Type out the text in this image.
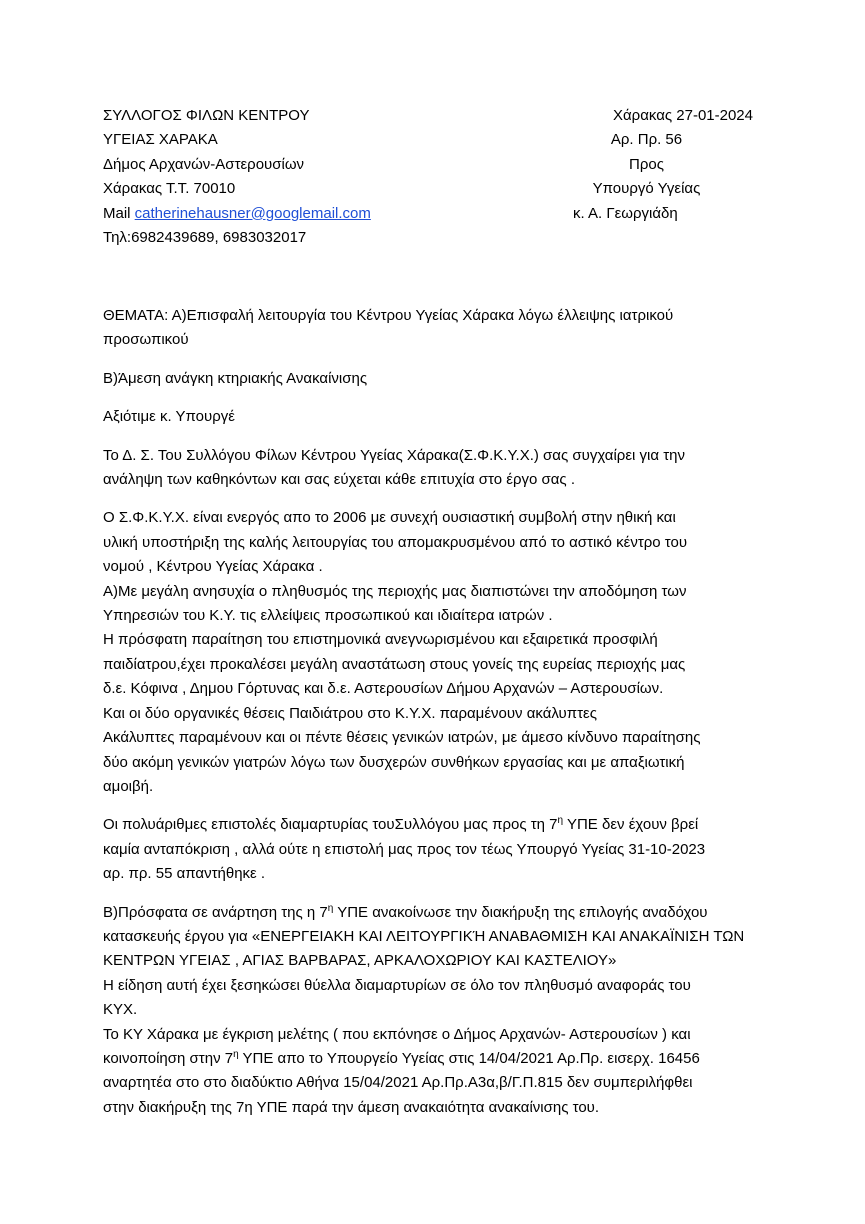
ΣΥΛΛΟΓΟΣ ΦΙΛΩΝ ΚΕΝΤΡΟΥ
ΥΓΕΙΑΣ ΧΑΡΑΚΑ
Δήμος Αρχανών-Αστερουσίων
Χάρακας Τ.Τ. 70010
Mail catherinehausner@googlemail.com
Τηλ:6982439689, 6983032017
Χάρακας 27-01-2024
Αρ. Πρ. 56
Προς
Υπουργό Υγείας
κ. Α. Γεωργιάδη

ΘΕΜΑΤΑ: Α)Επισφαλή λειτουργία του Κέντρου Υγείας Χάρακα λόγω έλλειψης ιατρικού
προσωπικού

Β)Άμεση ανάγκη κτηριακής Ανακαίνισης

Αξιότιμε κ. Υπουργέ

Το Δ. Σ. Του Συλλόγου Φίλων Κέντρου Υγείας Χάρακα(Σ.Φ.Κ.Υ.Χ.) σας συγχαίρει για την
ανάληψη των καθηκόντων και σας εύχεται κάθε επιτυχία στο έργο σας .

Ο Σ.Φ.Κ.Υ.Χ. είναι ενεργός απο το 2006 με συνεχή ουσιαστική συμβολή στην ηθική και
υλική υποστήριξη της καλής λειτουργίας του απομακρυσμένου από το αστικό κέντρο του
νομού , Κέντρου Υγείας Χάρακα .
Α)Με μεγάλη ανησυχία ο πληθυσμός της περιοχής μας διαπιστώνει την αποδόμηση των
Υπηρεσιών του Κ.Υ. τις ελλείψεις προσωπικού και ιδιαίτερα ιατρών .
Η πρόσφατη παραίτηση του επιστημονικά ανεγνωρισμένου και εξαιρετικά προσφιλή
παιδίατρου,έχει προκαλέσει μεγάλη αναστάτωση στους γονείς της ευρείας περιοχής μας
δ.ε. Κόφινα , Δημου Γόρτυνας και δ.ε. Αστερουσίων Δήμου Αρχανών – Αστερουσίων.
Και οι δύο οργανικές θέσεις Παιδιάτρου στο Κ.Υ.Χ. παραμένουν ακάλυπτες
Ακάλυπτες παραμένουν και οι πέντε θέσεις γενικών ιατρών, με άμεσο κίνδυνο παραίτησης
δύο ακόμη γενικών γιατρών λόγω των δυσχερών συνθήκων εργασίας και με απαξιωτική
αμοιβή.

Οι πολυάριθμες επιστολές διαμαρτυρίας τουΣυλλόγου μας προς τη $7^\eta$ ΥΠΕ δεν έχουν βρεί
καμία ανταπόκριση , αλλά ούτε η επιστολή μας προς τον τέως Υπουργό Υγείας 31-10-2023
αρ. πρ. 55 απαντήθηκε .

Β)Πρόσφατα σε ανάρτηση της η $7^\eta$ ΥΠΕ ανακοίνωσε την διακήρυξη της επιλογής αναδόχου
κατασκευής έργου για «ΕΝΕΡΓΕΙΑΚΗ ΚΑΙ ΛΕΙΤΟΥΡΓΙΚΉ ΑΝΑΒΑΘΜΙΣΗ ΚΑΙ ΑΝΑΚΑΪΝΙΣΗ ΤΩΝ
ΚΕΝΤΡΩΝ ΥΓΕΙΑΣ , ΑΓΙΑΣ ΒΑΡΒΑΡΑΣ, ΑΡΚΑΛΟΧΩΡΙΟΥ ΚΑΙ ΚΑΣΤΕΛΙΟΥ»
Η είδηση αυτή έχει ξεσηκώσει θύελλα διαμαρτυρίων σε όλο τον πληθυσμό αναφοράς του
ΚΥΧ.
Το ΚΥ Χάρακα με έγκριση μελέτης ( που εκπόνησε ο Δήμος Αρχανών- Αστερουσίων ) και
κοινοποίηση στην $7^\eta$ ΥΠΕ απο το Υπουργείο Υγείας στις 14/04/2021 Αρ.Πρ. εισερχ. 16456
αναρτητέα στο στο διαδύκτιο Αθήνα 15/04/2021 Αρ.Πρ.Α3α,β/Γ.Π.815 δεν συμπεριλήφθει
στην διακήρυξη της 7η ΥΠΕ παρά την άμεση ανακαιότητα ανακαίνισης του.
